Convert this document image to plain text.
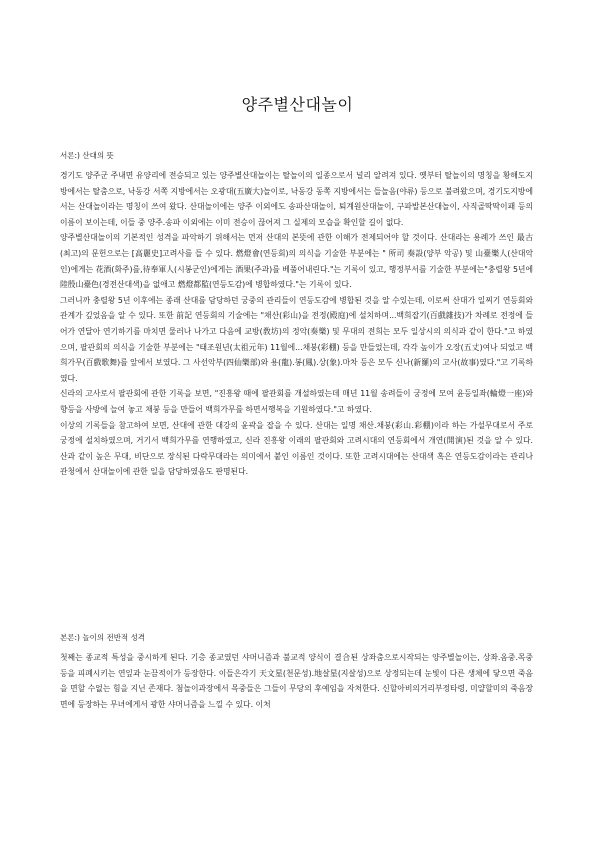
양주별산대놀이
서론:) 산대의 뜻

경기도 양주군 주내면 유양리에 전승되고 있는 양주별산대놀이는 탈놀이의 일종으로서 널리 알려져 있다. 옛부터 탈놀이의 명칭을 황해도지방에서는 탈춤으로, 낙동강 서쪽 지방에서는 오광대(五廣大)놀이로, 낙동강 동쪽 지방에서는 들놀음(야류) 등으로 불려왔으며, 경기도지방에서는 산대놀이라는 명칭이 쓰여 왔다. 산대놀이에는 양주 이외에도 송파산대놀이, 퇴계원산대놀이, 구파발본산대놀이, 사직골딱딱이패 등의 이름이 보이는데, 이들 중 양주.송파 이외에는 이미 전승이 끊어져 그 실제의 모습을 확인할 길이 없다.

양주별산대놀이의 기본적인 성격을 파악하기 위해서는 먼저 산대의 본뜻에 관한 이해가 전제되어야 할 것이다. 산대라는 용례가 쓰인 最古(최고)의 문헌으로는 [高麗史]고려사를 들 수 있다. 燃燈會(연등회)의 의식을 기술한 부분에는 " 所司 奏設(양부 악공) 및 山臺樂人(산대악인)에게는 花酒(화주)를,待奉軍人(시봉군인)에게는 酒果(주과)를 베풀어내린다."는 기록이 있고, 행정부서를 기술한 부분에는"충렬왕 5년에 陸殷山臺色(경전산대색)을 없애고 燃燈都監(연등도감)에 병합하였다."는 기록이 있다.

그러니까 충렬왕 5년 이후에는 종래 산대를 담당하던 궁중의 관리들이 연등도감에 병합된 것을 알 수있는데, 이로써 산대가 일찌기 연등회와 관계가 깊었음을 알 수 있다. 또한 前記 연등회의 기술에는 "채산(彩山)을 전정(殿庭)에 설치하며...백희잡기(百戲雜技)가 차례로 전정에 들어가 연달아 연기하기를 마치면 물러나 나가고 다음에 교방(敎坊)의 정악(奏樂) 및 무대의 전희는 모두 일상시의 의식과 같이 한다."고 하였으며, 팔관회의 의식을 기술한 부분에는 "태조원년(太祖元年) 11월에...채붕(彩棚) 등을 만들었는데, 각각 높이가 오장(五丈)여나 되었고 백희가무(百戲歌舞)를 앞에서 보였다. 그 사선악부(四仙樂部)와 용(龍).봉(鳳).상(象).마차 등은 모두 신나(新羅)의 고사(故事)였다."고 기록하였다.

신라의 고사로서 팔관회에 관한 기록을 보면, "진흥왕 때에 팔관회를 개설하였는데 매년 11월 송려들이 궁정에 모여 윤등일좌(輪燈一座)와 향등을 사방에 늘여 놓고 채붕 등을 만들어 백희가무를 하면서행복을 기원하였다."고 하였다.

이상의 기록들을 참고하여 보면, 산대에 관한 대강의 윤곽을 잡을 수 있다. 산대는 일명 채산.채붕(彩山.彩棚)이라 하는 가설무대로서 주로 궁정에 설치하였으며, 거기서 백희가무를 연행하였고, 신라 진흥왕 이래의 팔관회와 고려시대의 연등회에서 개연(開演)된 것을 알 수 있다. 산과 같이 높은 무대, 비단으로 장식된 다락무대라는 의미에서 붙인 이름인 것이다. 또한 고려시대에는 산대색 혹은 연등도감이라는 관리나 관청에서 산대놀이에 관한 일을 담당하였음도 판명된다.

본론:) 놀이의 전반적 성격

첫째는 종교적 특성을 중시하게 된다. 기층 종교였던 샤머니즘과 불교적 양식이 결合된 상좌춤으로시작되는 양주별놀이는, 상좌.옴중.목중 등을 피폐시키는 연잎과 눈끔적이가 등장한다. 이들은각기 天文星(천문성).地살星(지살성)으로 상정되는데 눈빛이 다른 생체에 닿으면 죽음을 면할 수없는 힘을 지닌 존재다. 첨놀이과장에서 목중들은 그들이 무당의 후예임을 자처한다. 신할아비의거리부정타령, 미얄할미의 죽음장면에 등장하는 무녀에게서 광한 샤머니즘을 느낄 수 있다. 이처
